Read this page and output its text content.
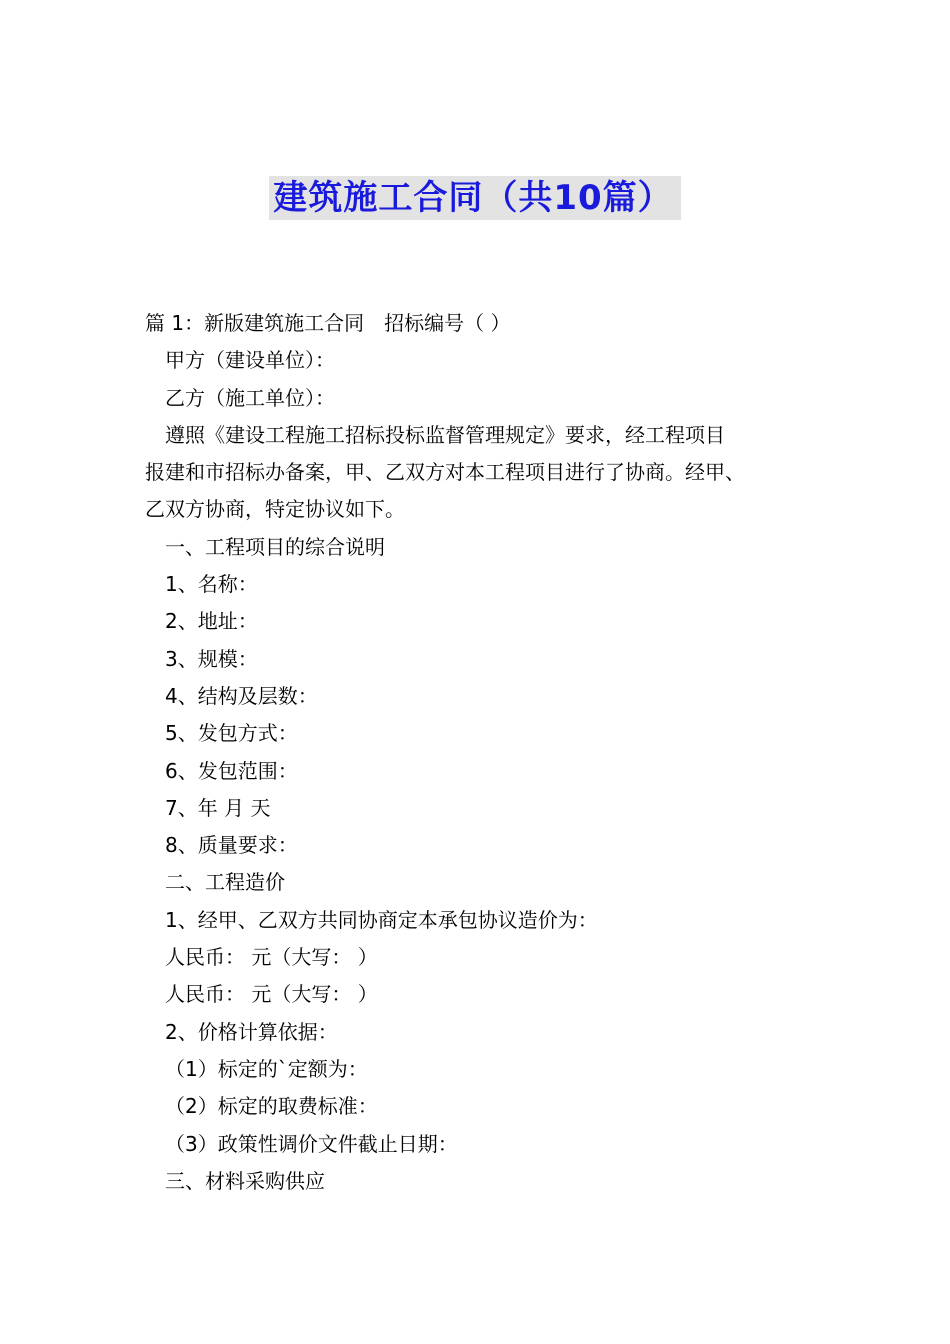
建筑施工合同（共10篇）
篇 1：新版建筑施工合同　招标编号（ ）
甲方（建设单位）：
乙方（施工单位）：
遵照《建设工程施工招标投标监督管理规定》要求，经工程项目
报建和市招标办备案，甲、乙双方对本工程项目进行了协商。经甲、
乙双方协商，特定协议如下。
一、工程项目的综合说明
1、名称：
2、地址：
3、规模：
4、结构及层数：
5、发包方式：
6、发包范围：
7、年 月 天
8、质量要求：
二、工程造价
1、经甲、乙双方共同协商定本承包协议造价为：
人民币： 元（大写： ）
人民币： 元（大写： ）
2、价格计算依据：
（1）标定的`定额为：
（2）标定的取费标准：
（3）政策性调价文件截止日期：
三、材料采购供应
